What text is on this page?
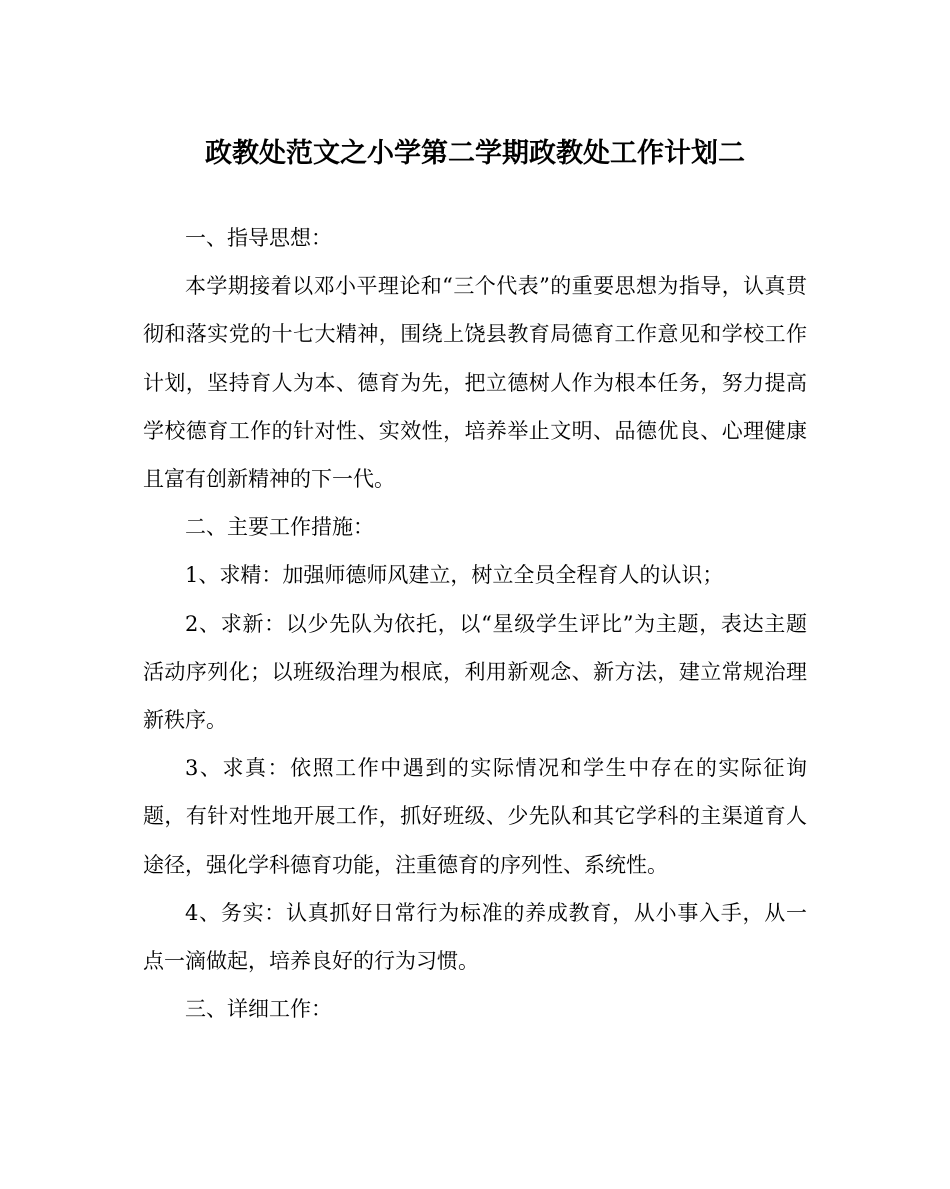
政教处范文之小学第二学期政教处工作计划二

一、指导思想：

本学期接着以邓小平理论和“三个代表”的重要思想为指导，认真贯彻和落实党的十七大精神，围绕上饶县教育局德育工作意见和学校工作计划，坚持育人为本、德育为先，把立德树人作为根本任务，努力提高学校德育工作的针对性、实效性，培养举止文明、品德优良、心理健康且富有创新精神的下一代。

二、主要工作措施：

1、求精：加强师德师风建立，树立全员全程育人的认识；

2、求新：以少先队为依托，以“星级学生评比”为主题，表达主题活动序列化；以班级治理为根底，利用新观念、新方法，建立常规治理新秩序。

3、求真：依照工作中遇到的实际情况和学生中存在的实际征询题，有针对性地开展工作，抓好班级、少先队和其它学科的主渠道育人途径，强化学科德育功能，注重德育的序列性、系统性。

4、务实：认真抓好日常行为标准的养成教育，从小事入手，从一点一滴做起，培养良好的行为习惯。

三、详细工作：
